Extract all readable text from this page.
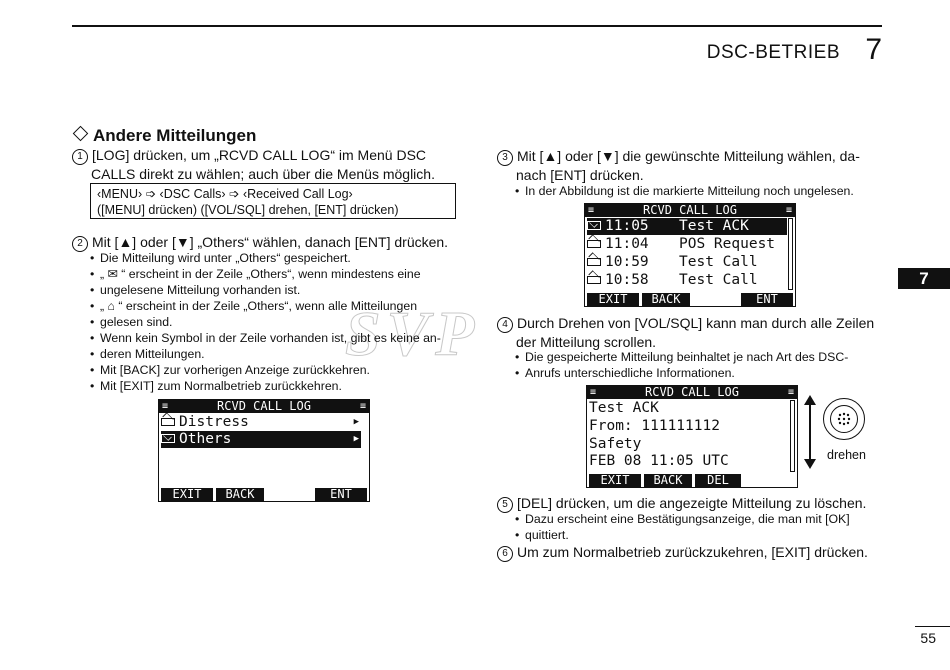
DSC-BETRIEB 7
7
SVP
Andere Mitteilungen
1 [LOG] drücken, um „RCVD CALL LOG“ im Menü DSC
CALLS direkt zu wählen; auch über die Menüs möglich.
‹MENU› ➩ ‹DSC Calls› ➩ ‹Received Call Log›
([MENU] drücken) ([VOL/SQL] drehen, [ENT] drücken)
2 Mit [▲] oder [▼] „Others“ wählen, danach [ENT] drücken.
• Die Mitteilung wird unter „Others“ gespeichert.
• „ ✉ “ erscheint in der Zeile „Others“, wenn mindestens eine
• ungelesene Mitteilung vorhanden ist.
• „ ⌂ “ erscheint in der Zeile „Others“, wenn alle Mitteilungen
• gelesen sind.
• Wenn kein Symbol in der Zeile vorhanden ist, gibt es keine an-
• deren Mitteilungen.
• Mit [BACK] zur vorherigen Anzeige zurückkehren.
• Mit [EXIT] zum Normalbetrieb zurückkehren.
≡	RCVD CALL LOG	≡
Distress	▶
Others	▶
EXIT	BACK	ENT
3 Mit [▲] oder [▼] die gewünschte Mitteilung wählen, da-
nach [ENT] drücken.
• In der Abbildung ist die markierte Mitteilung noch ungelesen.
≡	RCVD CALL LOG	≡
11:05 Test ACK
11:04 POS Request
10:59 Test Call
10:58 Test Call
EXIT	BACK	ENT
4 Durch Drehen von [VOL/SQL] kann man durch alle Zeilen
der Mitteilung scrollen.
• Die gespeicherte Mitteilung beinhaltet je nach Art des DSC-
• Anrufs unterschiedliche Informationen.
≡	RCVD CALL LOG	≡
Test ACK
From: 111111112
Safety
FEB 08 11:05 UTC
EXIT	BACK	DEL
drehen
5 [DEL] drücken, um die angezeigte Mitteilung zu löschen.
• Dazu erscheint eine Bestätigungsanzeige, die man mit [OK]
• quittiert.
6 Um zum Normalbetrieb zurückzukehren, [EXIT] drücken.
55
